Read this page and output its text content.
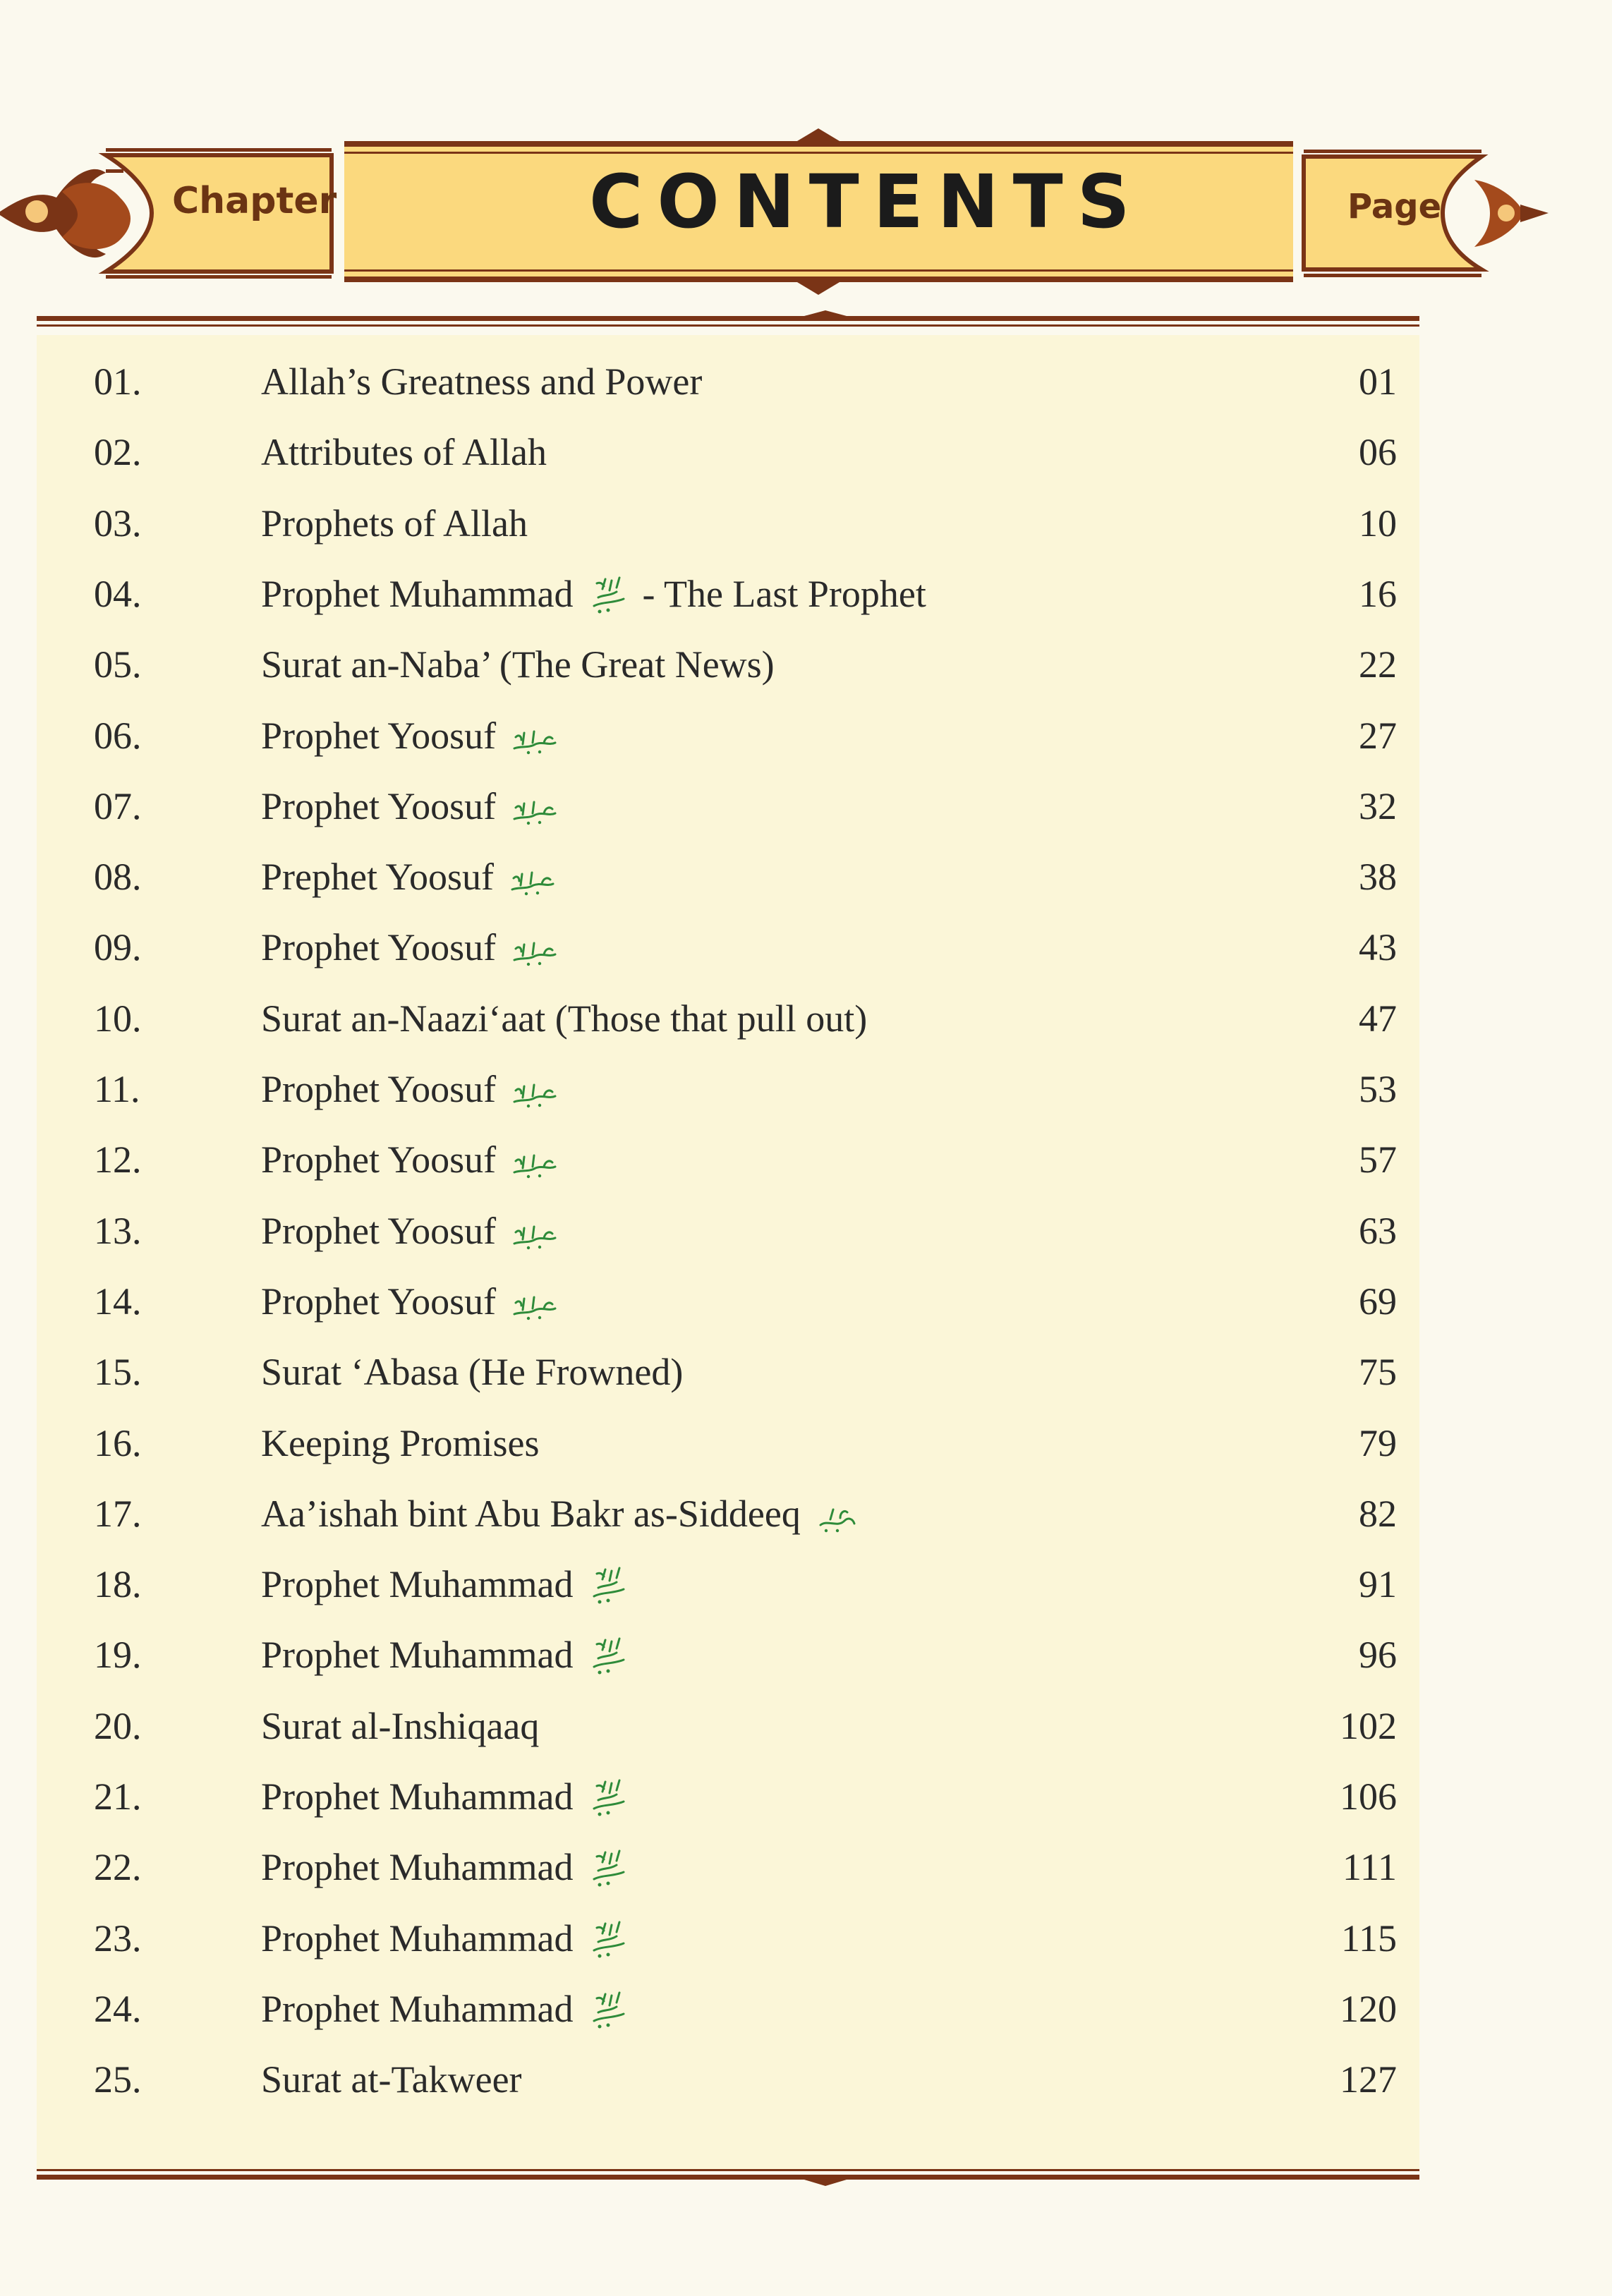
Chapter	CONTENTS	Page
01.	Allah’s Greatness and Power	01
02.	Attributes of Allah	06
03.	Prophets of Allah	10
04.	Prophet Muhammad - The Last Prophet	16
05.	Surat an-Naba’ (The Great News)	22
06.	Prophet Yoosuf	27
07.	Prophet Yoosuf	32
08.	Prephet Yoosuf	38
09.	Prophet Yoosuf	43
10.	Surat an-Naazi‘aat (Those that pull out)	47
11.	Prophet Yoosuf	53
12.	Prophet Yoosuf	57
13.	Prophet Yoosuf	63
14.	Prophet Yoosuf	69
15.	Surat ‘Abasa (He Frowned)	75
16.	Keeping Promises	79
17.	Aa’ishah bint Abu Bakr as-Siddeeq	82
18.	Prophet Muhammad	91
19.	Prophet Muhammad	96
20.	Surat al-Inshiqaaq	102
21.	Prophet Muhammad	106
22.	Prophet Muhammad	111
23.	Prophet Muhammad	115
24.	Prophet Muhammad	120
25.	Surat at-Takweer	127
